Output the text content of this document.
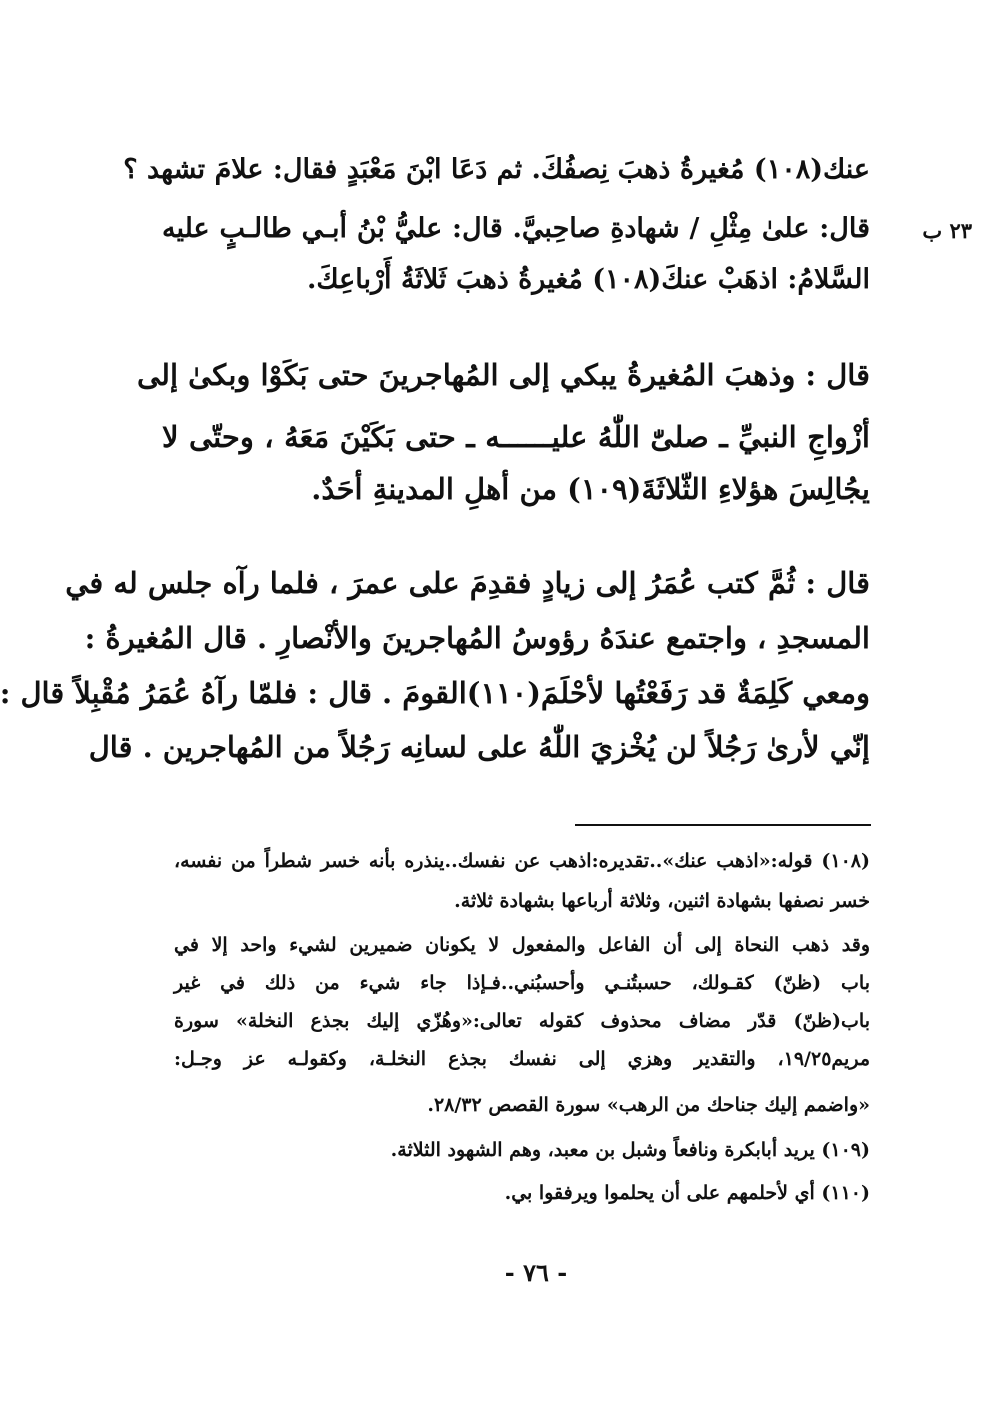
٢٣ ب
عنك(١٠٨) مُغيرةُ ذهبَ نِصفُكَ. ثم دَعَا ابْنَ مَعْبَدٍ فقال: علامَ تشهد ؟
قال: علىٰ مِثْلِ / شهادةِ صاحِبيَّ. قال: عليُّ بْنُ أبـي طالـبٍ عليه
السَّلامُ: اذهَبْ عنكَ(١٠٨) مُغيرةُ ذهبَ ثَلاثَةُ أَرْباعِكَ.
قال : وذهبَ المُغيرةُ يبكي إلى المُهاجرينَ حتى بَكَوْا وبكىٰ إلى
أزْواجِ النبيِّ ـ صلىّٰ اللّٰهُ عليــــــه ـ حتى بَكَيْنَ مَعَهُ ، وحتّى لا
يجُالِسَ هؤلاءِ الثّلاثَةَ(١٠٩) من أهلِ المدينةِ أحَدٌ.
قال : ثُمَّ كتب عُمَرُ إلى زيادٍ فقدِمَ على عمرَ ، فلما رآه جلس له في
المسجدِ ، واجتمع عندَهُ رؤوسُ المُهاجرينَ والأنْصارِ . قال المُغيرةُ :
ومعي كَلِمَةٌ قد رَفَعْتُها لأحْلَمَ(١١٠)القومَ . قال : فلمّا رآهُ عُمَرُ مُقْبِلاً قال :
إنّي لأرىٰ رَجُلاً لن يُخْزيَ اللّٰهُ على لسانِه رَجُلاً من المُهاجرين . قال
(١٠٨) قوله:«اذهب عنك»..تقديره:اذهب عن نفسك..ينذره بأنه خسر شطراً من نفسه،
خسر نصفها بشهادة اثنين، وثلاثة أرباعها بشهادة ثلاثة.
وقد ذهب النحاة إلى أن الفاعل والمفعول لا يكونان ضميرين لشيء واحد إلا في
باب (ظنّ) كقـولك، حسبتُنـي وأحسبُني..فـإذا جاء شيء من ذلك في غير
باب(ظنّ) قدّر مضاف محذوف كقوله تعالى:«وهُزّي إليك بجذع النخلة» سورة
مريم١٩/٢٥، والتقدير وهزي إلى نفسك بجذع النخلـة، وكقولـه عز وجـل:
«واضمم إليك جناحك من الرهب» سورة القصص ٢٨/٣٢.
(١٠٩) يريد أبابكرة ونافعاً وشبل بن معبد، وهم الشهود الثلاثة.
(١١٠) أي لأحلمهم على أن يحلموا ويرفقوا بي.
- ٧٦ -
